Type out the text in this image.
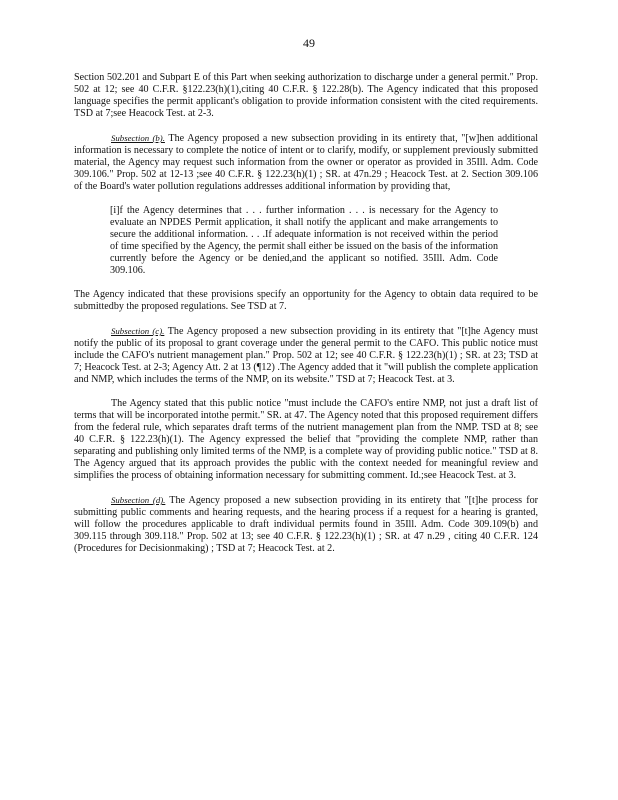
49

Section 502.201 and Subpart E of this Part when seeking authorization to discharge under a general permit." Prop. 502 at 12; see 40 C.F.R. §122.23(h)(1),citing 40 C.F.R. § 122.28(b). The Agency indicated that this proposed language specifies the permit applicant's obligation to provide information consistent with the cited requirements. TSD at 7;see Heacock Test. at 2-3.

Subsection (b). The Agency proposed a new subsection providing in its entirety that, "[w]hen additional information is necessary to complete the notice of intent or to clarify, modify, or supplement previously submitted material, the Agency may request such information from the owner or operator as provided in 35Ill. Adm. Code 309.106." Prop. 502 at 12-13 ;see 40 C.F.R. § 122.23(h)(1) ; SR. at 47n.29 ; Heacock Test. at 2. Section 309.106 of the Board's water pollution regulations addresses additional information by providing that,

[i]f the Agency determines that . . . further information . . . is necessary for the Agency to evaluate an NPDES Permit application, it shall notify the applicant and make arrangements to secure the additional information. . . .If adequate information is not received within the period of time specified by the Agency, the permit shall either be issued on the basis of the information currently before the Agency or be denied,and the applicant so notified. 35Ill. Adm. Code 309.106.

The Agency indicated that these provisions specify an opportunity for the Agency to obtain data required to be submittedby the proposed regulations. See TSD at 7.

Subsection (c). The Agency proposed a new subsection providing in its entirety that "[t]he Agency must notify the public of its proposal to grant coverage under the general permit to the CAFO. This public notice must include the CAFO's nutrient management plan." Prop. 502 at 12; see 40 C.F.R. § 122.23(h)(1) ; SR. at 23; TSD at 7; Heacock Test. at 2-3; Agency Att. 2 at 13 (¶12) .The Agency added that it "will publish the complete application and NMP, which includes the terms of the NMP, on its website." TSD at 7; Heacock Test. at 3.

The Agency stated that this public notice "must include the CAFO's entire NMP, not just a draft list of terms that will be incorporated intothe permit." SR. at 47. The Agency noted that this proposed requirement differs from the federal rule, which separates draft terms of the nutrient management plan from the NMP. TSD at 8; see 40 C.F.R. § 122.23(h)(1). The Agency expressed the belief that "providing the complete NMP, rather than separating and publishing only limited terms of the NMP, is a complete way of providing public notice." TSD at 8. The Agency argued that its approach provides the public with the context needed for meaningful review and simplifies the process of obtaining information necessary for submitting comment. Id.;see Heacock Test. at 3.

Subsection (d). The Agency proposed a new subsection providing in its entirety that "[t]he process for submitting public comments and hearing requests, and the hearing process if a request for a hearing is granted, will follow the procedures applicable to draft individual permits found in 35Ill. Adm. Code 309.109(b) and 309.115 through 309.118." Prop. 502 at 13; see 40 C.F.R. § 122.23(h)(1) ; SR. at 47 n.29 , citing 40 C.F.R. 124 (Procedures for Decisionmaking) ; TSD at 7; Heacock Test. at 2.
